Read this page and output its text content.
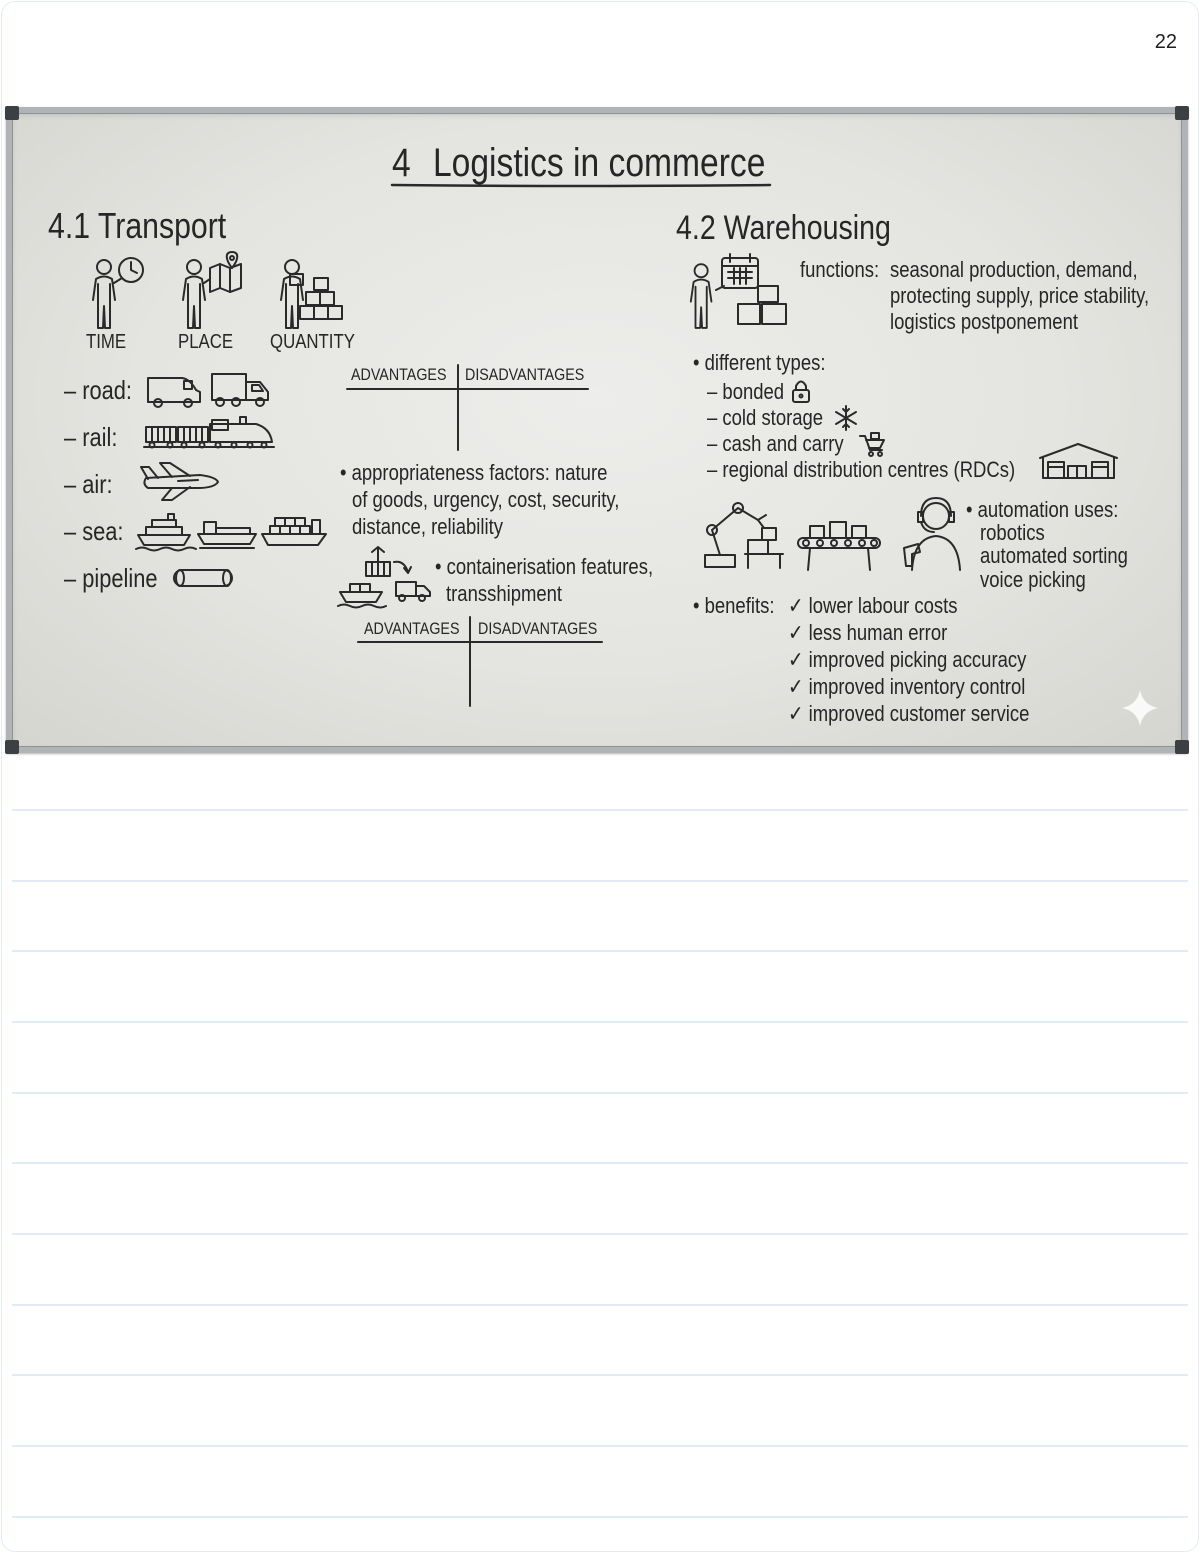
22
4 Logistics in commerce
4.1 Transport
TIME	PLACE QUANTITY
– road:
– rail:
– air:
– sea:
– pipeline
ADVANTAGES DISADVANTAGES
• appropriateness factors: nature
of goods, urgency, cost, security,
distance, reliability
• containerisation features,
transshipment
ADVANTAGES DISADVANTAGES
4.2 Warehousing
functions: seasonal production, demand,
protecting supply, price stability,
logistics postponement
• different types:
– bonded
– cold storage
– cash and carry
– regional distribution centres (RDCs)
• automation uses:
robotics
automated sorting
voice picking
• benefits: ✓ lower labour costs
✓ less human error
✓ improved picking accuracy
✓ improved inventory control
✓ improved customer service
